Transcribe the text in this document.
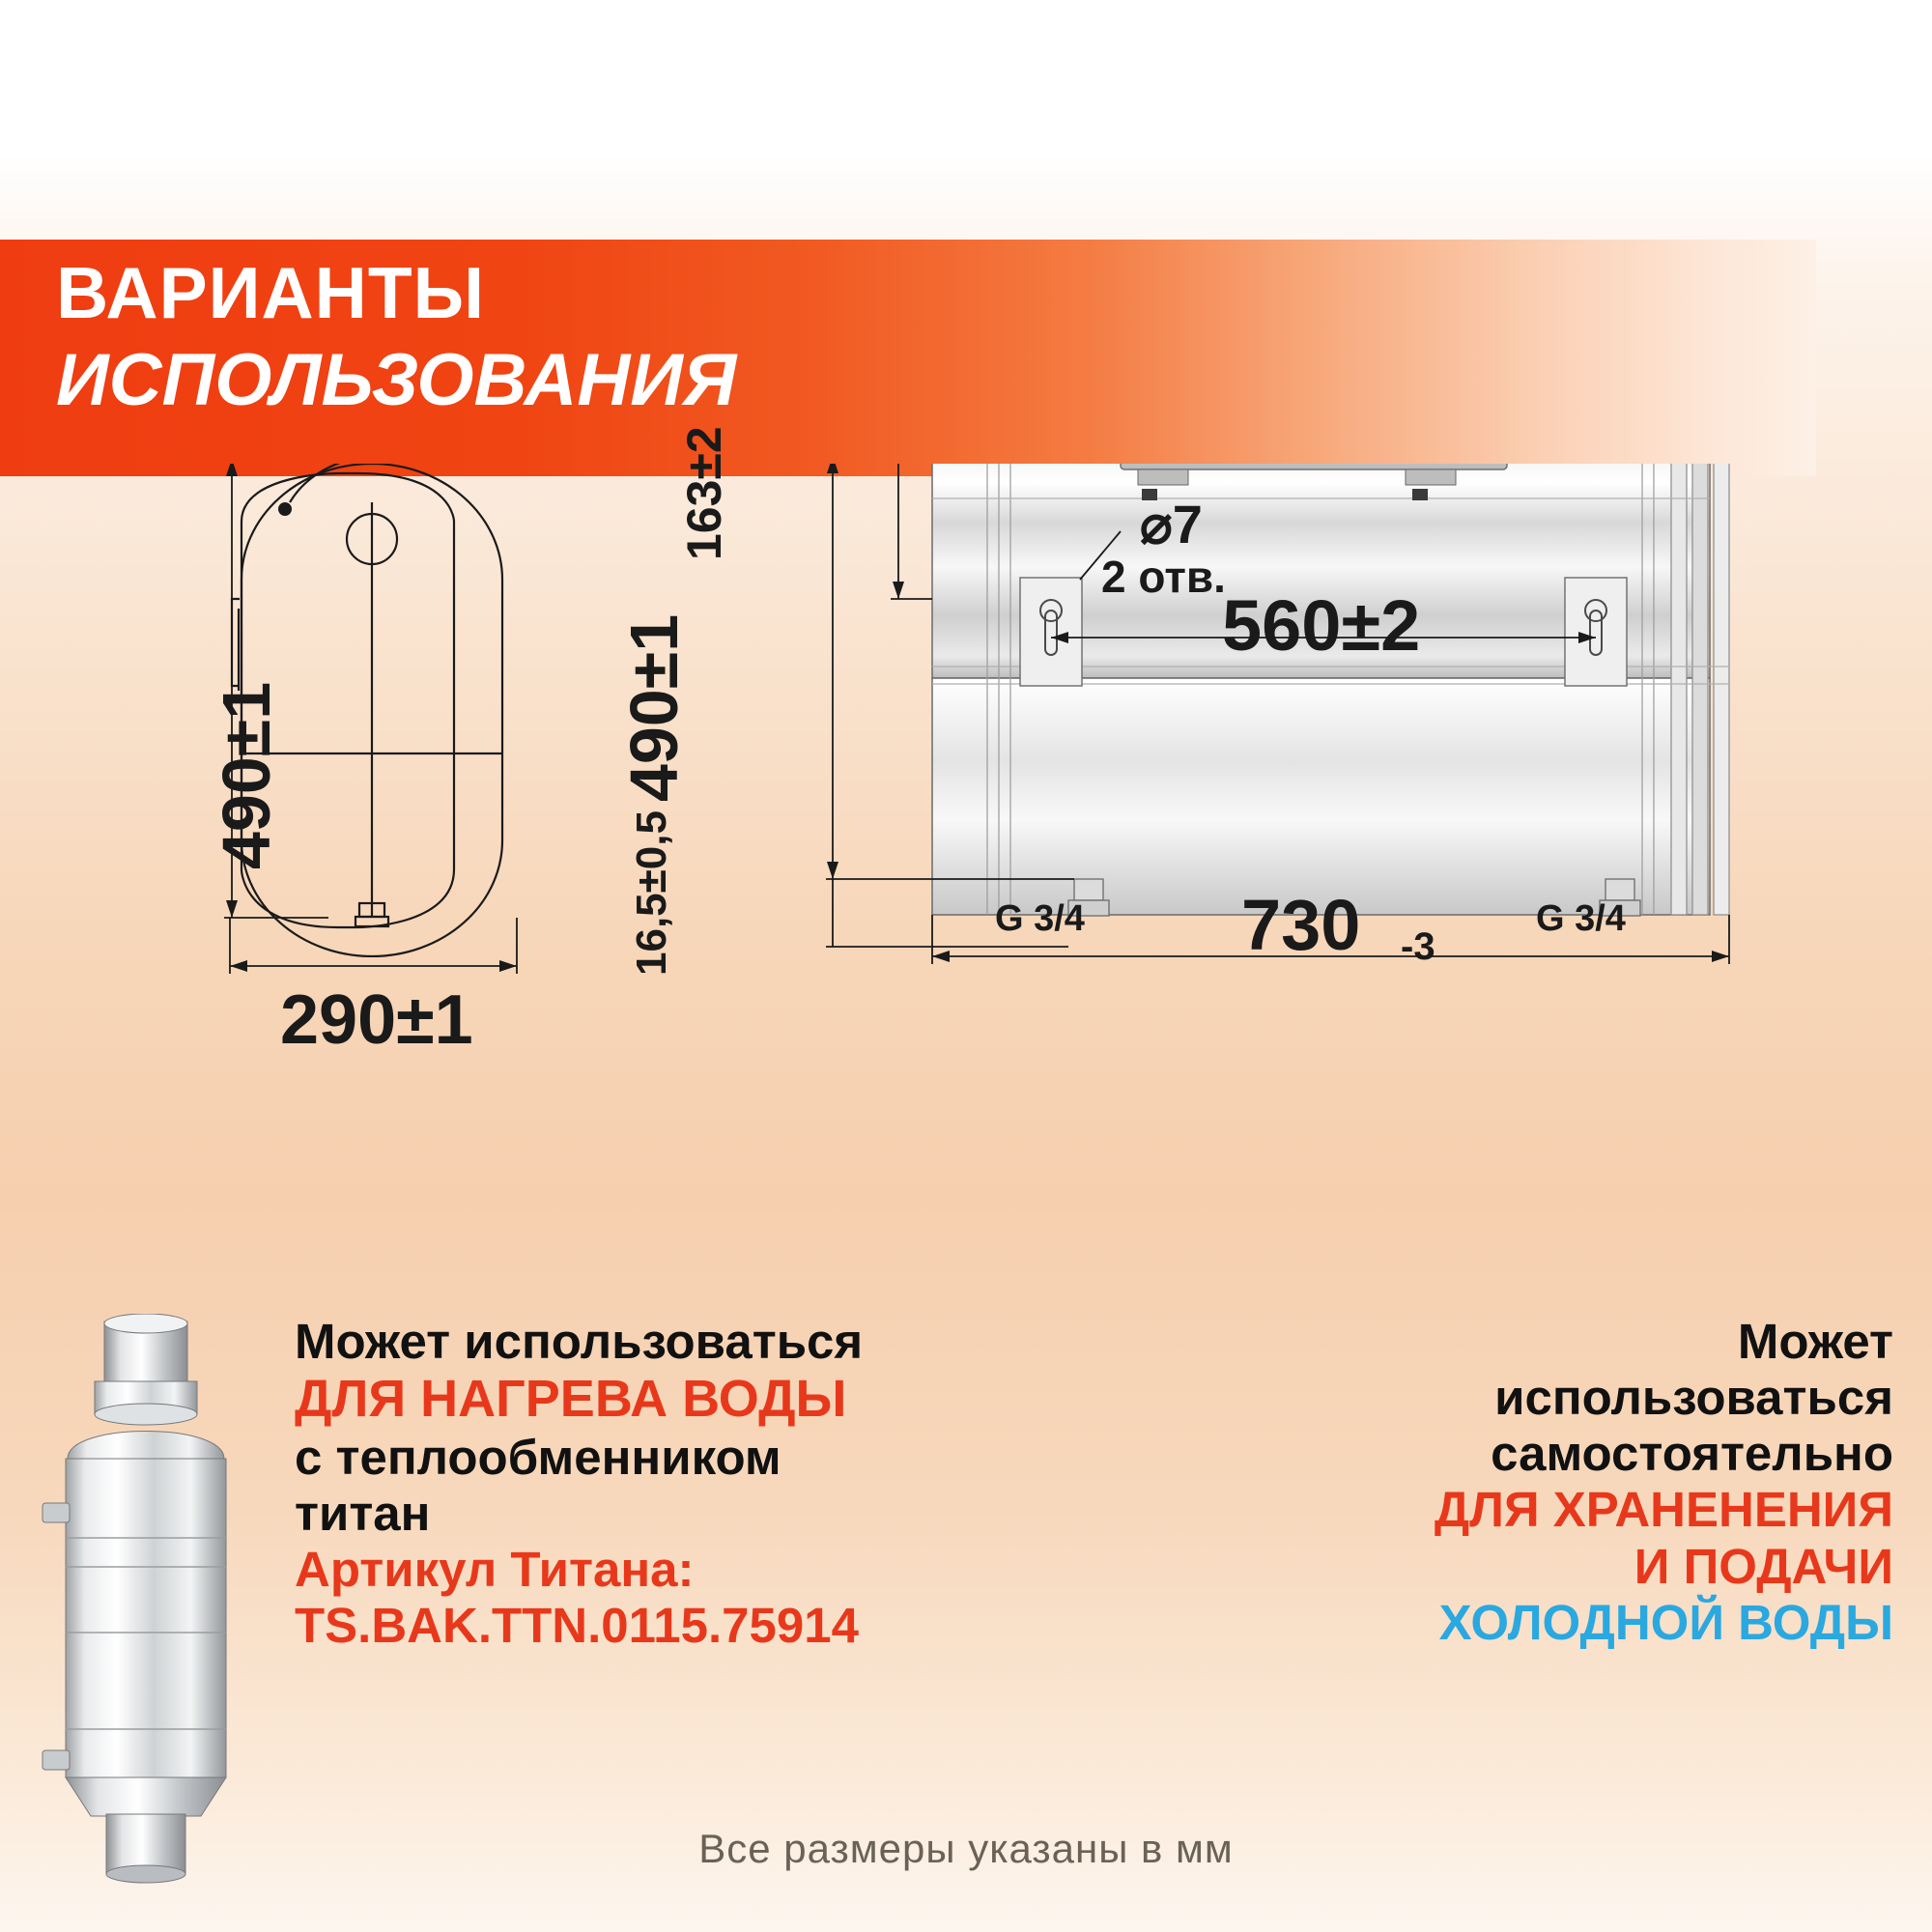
ВАРИАНТЫ
ИСПОЛЬЗОВАНИЯ
490±1
290±1
163±2
490±1
16,5±0,5
⌀7
2 отв.
560±2
730 -3
G 3/4	G 3/4
Может использоваться
ДЛЯ НАГРЕВА ВОДЫ
с теплообменником
титан
Артикул Титана:
TS.BAK.TTN.0115.75914
Может
использоваться
самостоятельно
ДЛЯ ХРАНЕНЕНИЯ
И ПОДАЧИ
ХОЛОДНОЙ ВОДЫ
Все размеры указаны в мм
